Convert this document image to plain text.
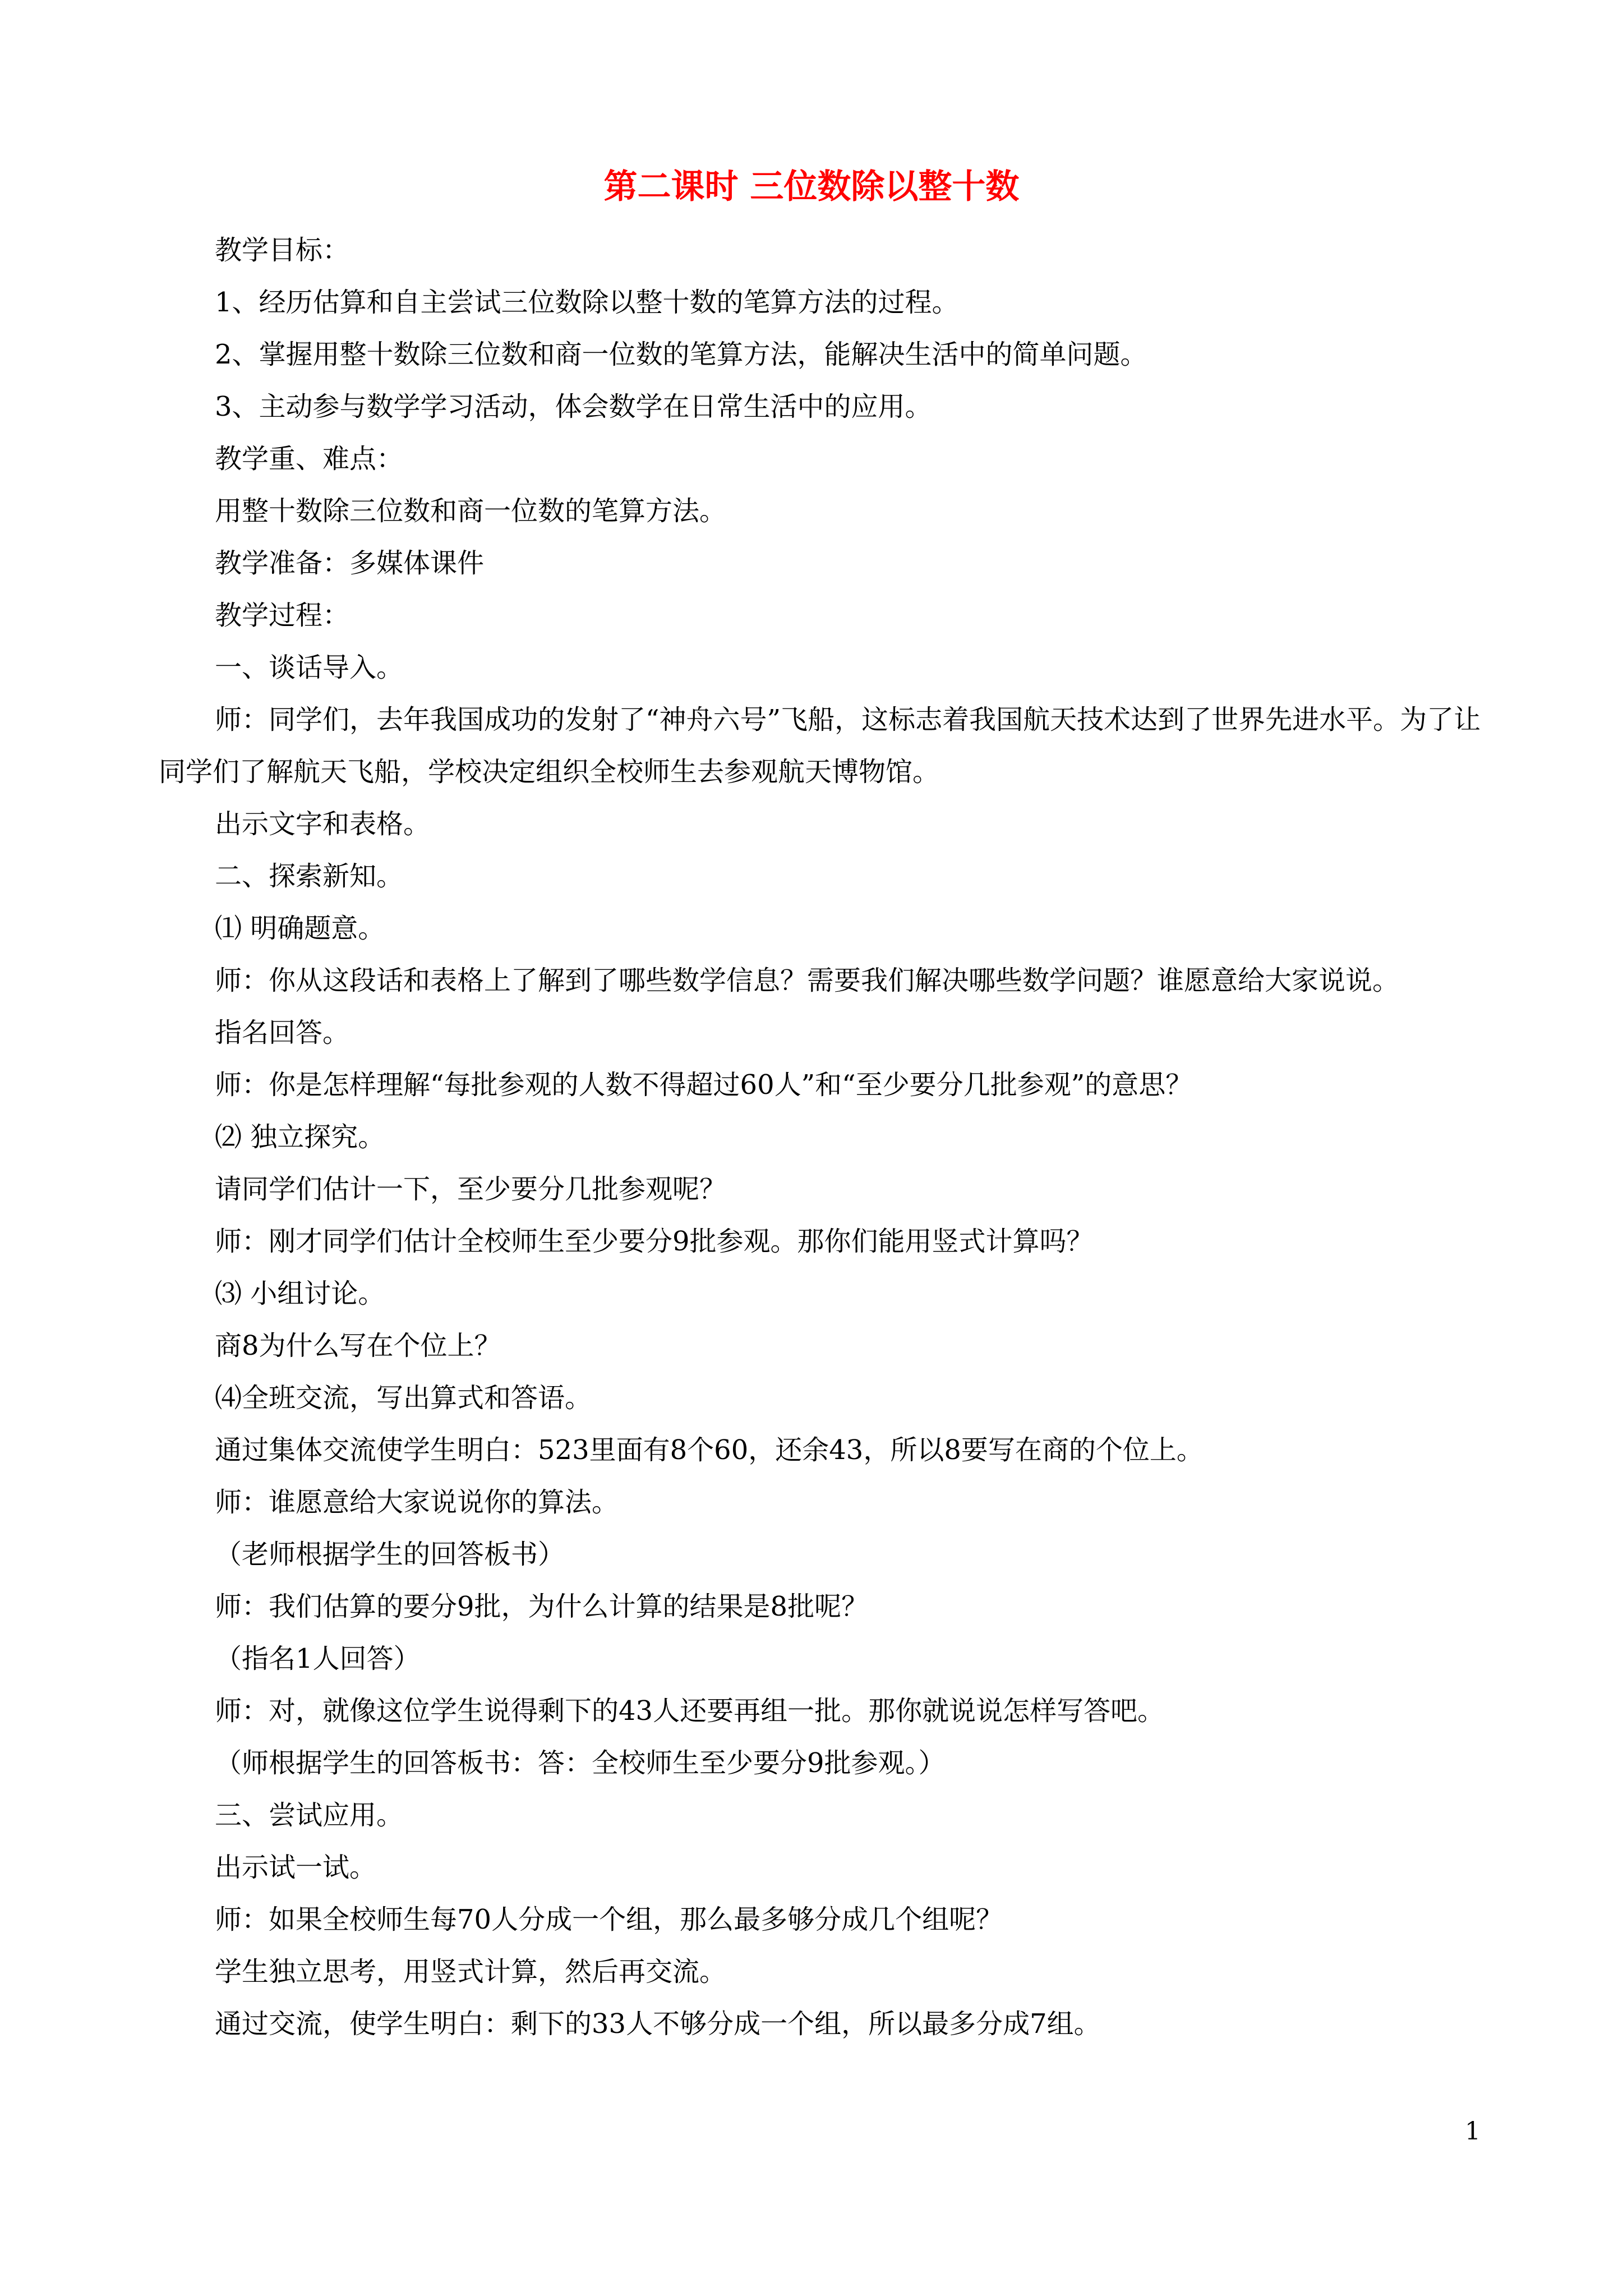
第二课时 三位数除以整十数

教学目标：

1、经历估算和自主尝试三位数除以整十数的笔算方法的过程。

2、掌握用整十数除三位数和商一位数的笔算方法，能解决生活中的简单问题。

3、主动参与数学学习活动，体会数学在日常生活中的应用。

教学重、难点：

用整十数除三位数和商一位数的笔算方法。

教学准备：多媒体课件

教学过程：

一、谈话导入。

师：同学们，去年我国成功的发射了“神舟六号”飞船，这标志着我国航天技术达到了世界先进水平。为了让同学们了解航天飞船，学校决定组织全校师生去参观航天博物馆。

出示文字和表格。

二、探索新知。

⑴ 明确题意。

师：你从这段话和表格上了解到了哪些数学信息？需要我们解决哪些数学问题？谁愿意给大家说说。

指名回答。

师：你是怎样理解“每批参观的人数不得超过60人”和“至少要分几批参观”的意思？

⑵ 独立探究。

请同学们估计一下，至少要分几批参观呢？

师：刚才同学们估计全校师生至少要分9批参观。那你们能用竖式计算吗？

⑶ 小组讨论。

商8为什么写在个位上？

⑷全班交流，写出算式和答语。

通过集体交流使学生明白：523里面有8个60，还余43，所以8要写在商的个位上。

师：谁愿意给大家说说你的算法。

（老师根据学生的回答板书）

师：我们估算的要分9批，为什么计算的结果是8批呢？

（指名1人回答）

师：对，就像这位学生说得剩下的43人还要再组一批。那你就说说怎样写答吧。

（师根据学生的回答板书：答：全校师生至少要分9批参观。）

三、尝试应用。

出示试一试。

师：如果全校师生每70人分成一个组，那么最多够分成几个组呢？

学生独立思考，用竖式计算，然后再交流。

通过交流，使学生明白：剩下的33人不够分成一个组，所以最多分成7组。

1
